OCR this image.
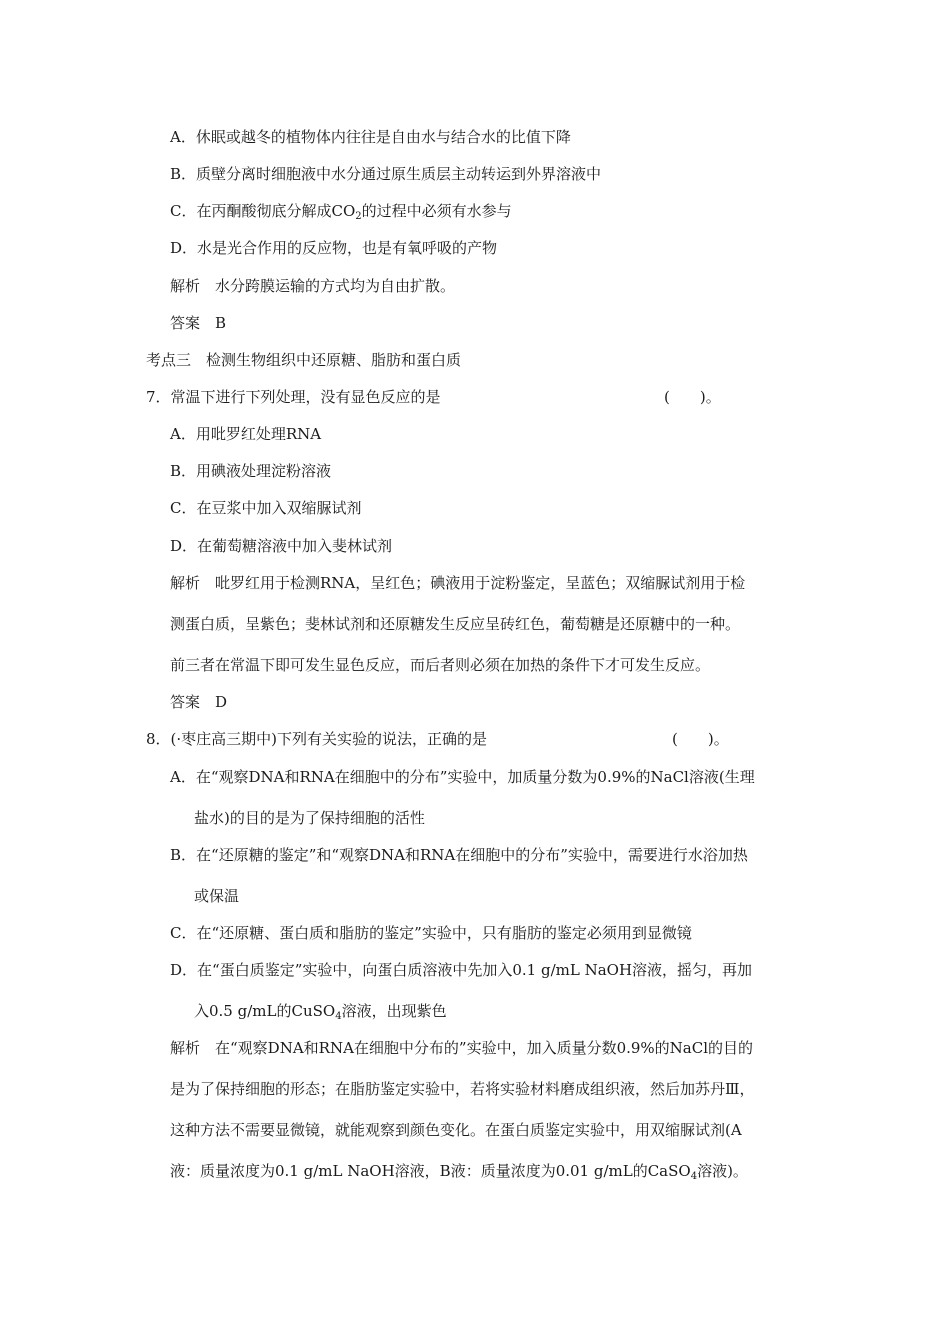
A．休眠或越冬的植物体内往往是自由水与结合水的比值下降
B．质壁分离时细胞液中水分通过原生质层主动转运到外界溶液中
C．在丙酮酸彻底分解成$CO_2$的过程中必须有水参与
D．水是光合作用的反应物，也是有氧呼吸的产物
解析　水分跨膜运输的方式均为自由扩散。
答案　B
考点三　检测生物组织中还原糖、脂肪和蛋白质
7．常温下进行下列处理，没有显色反应的是	(　　)。
A．用吡罗红处理RNA
B．用碘液处理淀粉溶液
C．在豆浆中加入双缩脲试剂
D．在葡萄糖溶液中加入斐林试剂
解析　吡罗红用于检测RNA，呈红色；碘液用于淀粉鉴定，呈蓝色；双缩脲试剂用于检
测蛋白质，呈紫色；斐林试剂和还原糖发生反应呈砖红色，葡萄糖是还原糖中的一种。
前三者在常温下即可发生显色反应，而后者则必须在加热的条件下才可发生反应。
答案　D
8．(·枣庄高三期中)下列有关实验的说法，正确的是	(　　)。
A．在“观察DNA和RNA在细胞中的分布”实验中，加质量分数为0.9%的NaCl溶液(生理
盐水)的目的是为了保持细胞的活性
B．在“还原糖的鉴定”和“观察DNA和RNA在细胞中的分布”实验中，需要进行水浴加热
或保温
C．在“还原糖、蛋白质和脂肪的鉴定”实验中，只有脂肪的鉴定必须用到显微镜
D．在“蛋白质鉴定”实验中，向蛋白质溶液中先加入0.1 g/mL NaOH溶液，摇匀，再加
入0.5 g/mL的CuSO$_4$溶液，出现紫色
解析　在“观察DNA和RNA在细胞中分布的”实验中，加入质量分数0.9%的NaCl的目的
是为了保持细胞的形态；在脂肪鉴定实验中，若将实验材料磨成组织液，然后加苏丹Ⅲ，
这种方法不需要显微镜，就能观察到颜色变化。在蛋白质鉴定实验中，用双缩脲试剂(A
液：质量浓度为0.1 g/mL NaOH溶液，B液：质量浓度为0.01 g/mL的CaSO$_4$溶液)。
